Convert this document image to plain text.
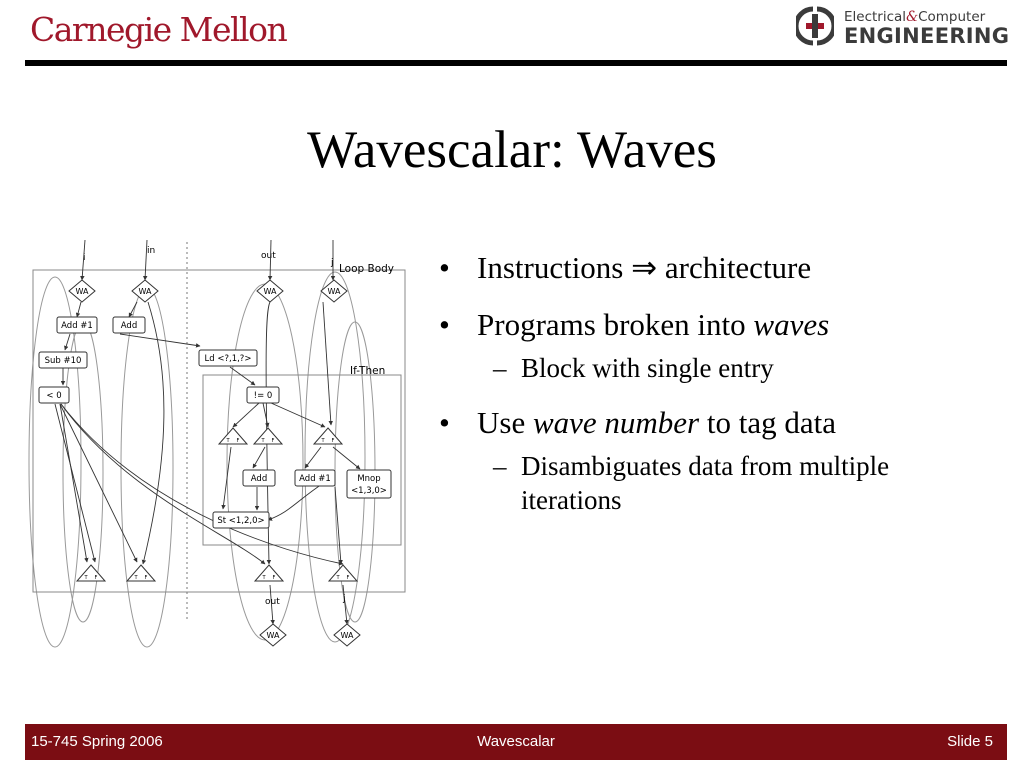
Carnegie Mellon	Electrical&Computer
ENGINEERING
Wavescalar: Waves
Loop Body
If-Then
i
in	out
j
WA	WA	WA	WA
Add #1	Add
Sub #10
< 0
Ld <?,1,?>
!= 0
Add	Add #1	Mnop
<1,3,0>
St <1,2,0>
T F	T F	T F
T F	T F	T F	T F
out	j
WA	WA
• Instructions ⇒ architecture
• Programs broken into waves
– Block with single entry
• Use wave number to tag data
– Disambiguates data from multiple iterations
15-745 Spring 2006	Wavescalar	Slide 5
